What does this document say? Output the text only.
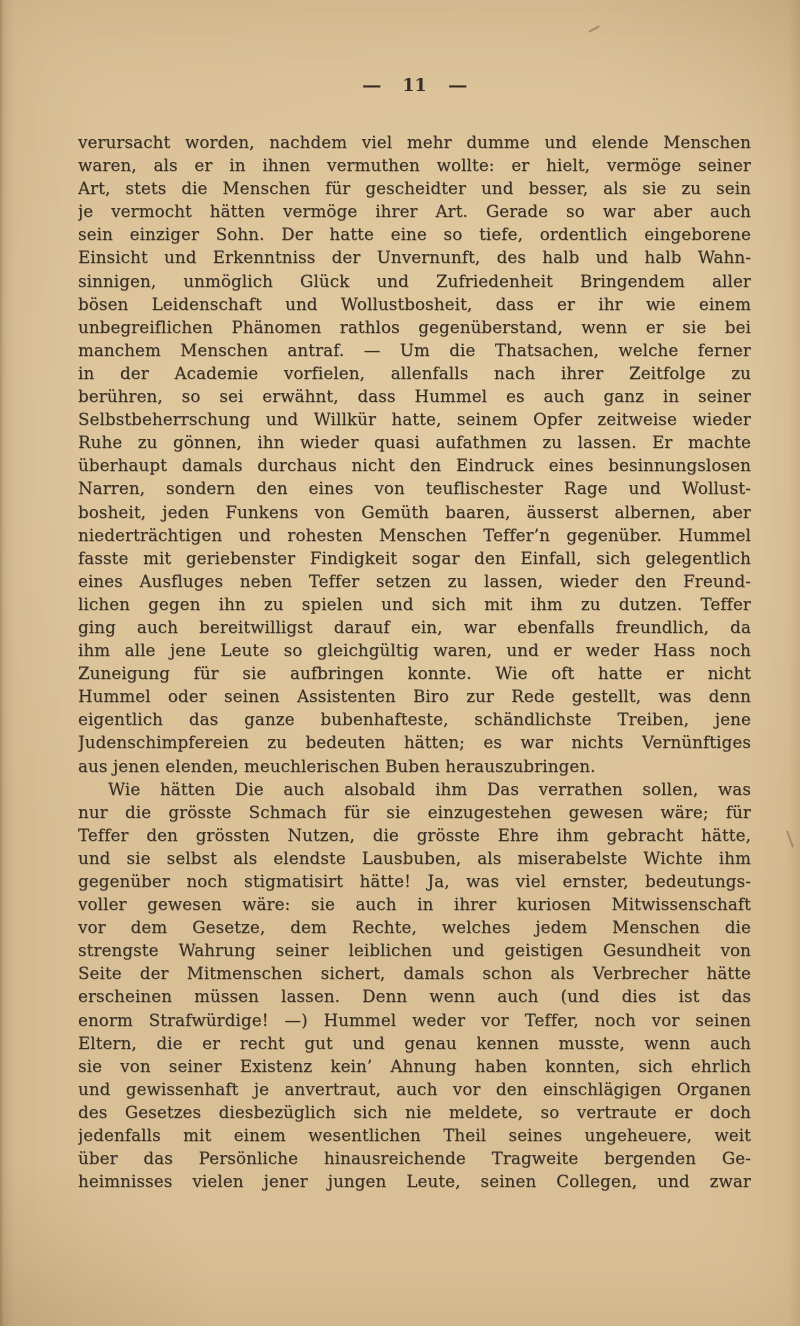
— 11 —
verursacht worden, nachdem viel mehr dumme und elende Menschen
waren, als er in ihnen vermuthen wollte: er hielt, vermöge seiner
Art, stets die Menschen für gescheidter und besser, als sie zu sein
je vermocht hätten vermöge ihrer Art. Gerade so war aber auch
sein einziger Sohn. Der hatte eine so tiefe, ordentlich eingeborene
Einsicht und Erkenntniss der Unvernunft, des halb und halb Wahn-
sinnigen, unmöglich Glück und Zufriedenheit Bringendem aller
bösen Leidenschaft und Wollustbosheit, dass er ihr wie einem
unbegreiflichen Phänomen rathlos gegenüberstand, wenn er sie bei
manchem Menschen antraf. — Um die Thatsachen, welche ferner
in der Academie vorfielen, allenfalls nach ihrer Zeitfolge zu
berühren, so sei erwähnt, dass Hummel es auch ganz in seiner
Selbstbeherrschung und Willkür hatte, seinem Opfer zeitweise wieder
Ruhe zu gönnen, ihn wieder quasi aufathmen zu lassen. Er machte
überhaupt damals durchaus nicht den Eindruck eines besinnungslosen
Narren, sondern den eines von teuflischester Rage und Wollust-
bosheit, jeden Funkens von Gemüth baaren, äusserst albernen, aber
niederträchtigen und rohesten Menschen Teffer’n gegenüber. Hummel
fasste mit geriebenster Findigkeit sogar den Einfall, sich gelegentlich
eines Ausfluges neben Teffer setzen zu lassen, wieder den Freund-
lichen gegen ihn zu spielen und sich mit ihm zu dutzen. Teffer
ging auch bereitwilligst darauf ein, war ebenfalls freundlich, da
ihm alle jene Leute so gleichgültig waren, und er weder Hass noch
Zuneigung für sie aufbringen konnte. Wie oft hatte er nicht
Hummel oder seinen Assistenten Biro zur Rede gestellt, was denn
eigentlich das ganze bubenhafteste, schändlichste Treiben, jene
Judenschimpfereien zu bedeuten hätten; es war nichts Vernünftiges
aus jenen elenden, meuchlerischen Buben herauszubringen.
Wie hätten Die auch alsobald ihm Das verrathen sollen, was
nur die grösste Schmach für sie einzugestehen gewesen wäre; für
Teffer den grössten Nutzen, die grösste Ehre ihm gebracht hätte,
und sie selbst als elendste Lausbuben, als miserabelste Wichte ihm
gegenüber noch stigmatisirt hätte! Ja, was viel ernster, bedeutungs-
voller gewesen wäre: sie auch in ihrer kuriosen Mitwissenschaft
vor dem Gesetze, dem Rechte, welches jedem Menschen die
strengste Wahrung seiner leiblichen und geistigen Gesundheit von
Seite der Mitmenschen sichert, damals schon als Verbrecher hätte
erscheinen müssen lassen. Denn wenn auch (und dies ist das
enorm Strafwürdige! —) Hummel weder vor Teffer, noch vor seinen
Eltern, die er recht gut und genau kennen musste, wenn auch
sie von seiner Existenz kein’ Ahnung haben konnten, sich ehrlich
und gewissenhaft je anvertraut, auch vor den einschlägigen Organen
des Gesetzes diesbezüglich sich nie meldete, so vertraute er doch
jedenfalls mit einem wesentlichen Theil seines ungeheuere, weit
über das Persönliche hinausreichende Tragweite bergenden Ge-
heimnisses vielen jener jungen Leute, seinen Collegen, und zwar
